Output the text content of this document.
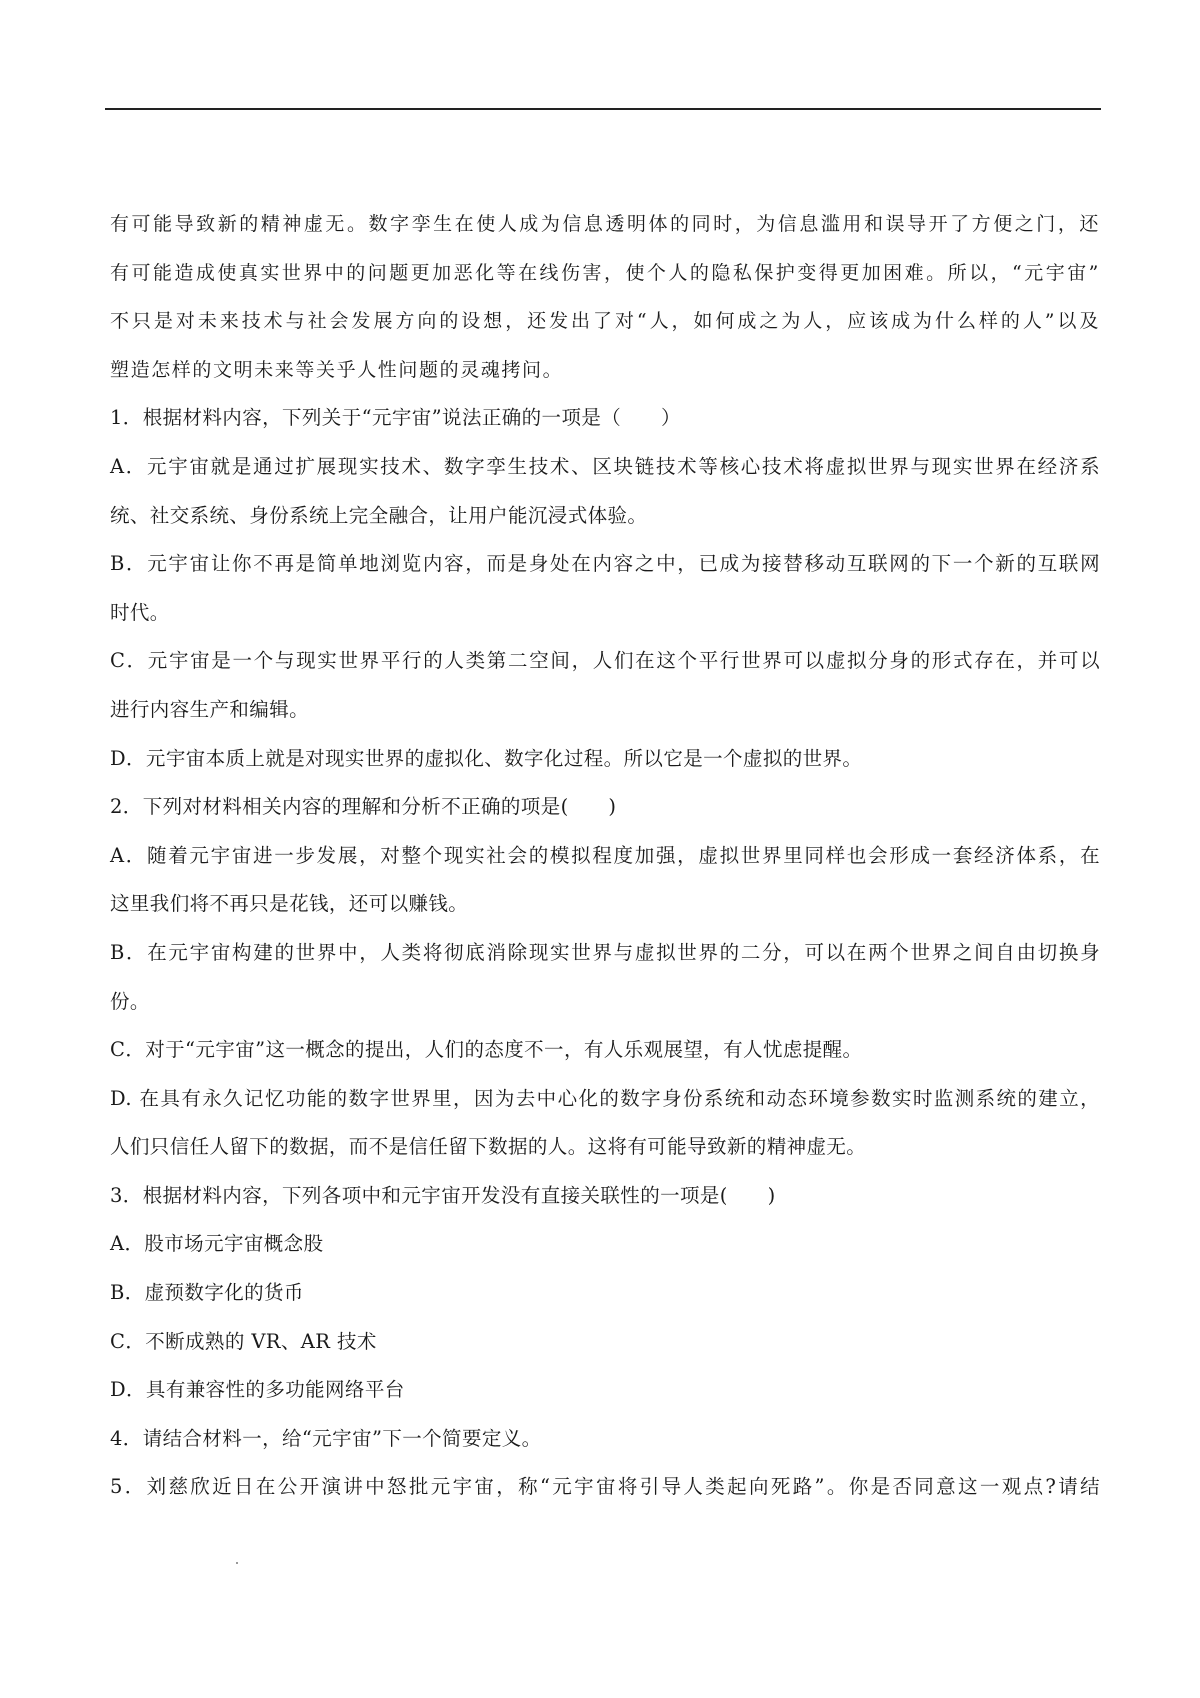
有可能导致新的精神虚无。数字孪生在使人成为信息透明体的同时，为信息滥用和误导开了方便之门，还
有可能造成使真实世界中的问题更加恶化等在线伤害，使个人的隐私保护变得更加困难。所以，“元宇宙”
不只是对未来技术与社会发展方向的设想，还发出了对“人，如何成之为人，应该成为什么样的人”以及
塑造怎样的文明未来等关乎人性问题的灵魂拷问。
1．根据材料内容，下列关于“元宇宙”说法正确的一项是（　　）
A．元宇宙就是通过扩展现实技术、数字孪生技术、区块链技术等核心技术将虚拟世界与现实世界在经济系
统、社交系统、身份系统上完全融合，让用户能沉浸式体验。
B．元宇宙让你不再是简单地浏览内容，而是身处在内容之中，已成为接替移动互联网的下一个新的互联网
时代。
C．元宇宙是一个与现实世界平行的人类第二空间，人们在这个平行世界可以虚拟分身的形式存在，并可以
进行内容生产和编辑。
D．元宇宙本质上就是对现实世界的虚拟化、数字化过程。所以它是一个虚拟的世界。
2．下列对材料相关内容的理解和分析不正确的项是(　　)
A．随着元宇宙进一步发展，对整个现实社会的模拟程度加强，虚拟世界里同样也会形成一套经济体系，在
这里我们将不再只是花钱，还可以赚钱。
B．在元宇宙构建的世界中，人类将彻底消除现实世界与虚拟世界的二分，可以在两个世界之间自由切换身
份。
C．对于“元宇宙”这一概念的提出，人们的态度不一，有人乐观展望，有人忧虑提醒。
D. 在具有永久记忆功能的数字世界里，因为去中心化的数字身份系统和动态环境参数实时监测系统的建立，
人们只信任人留下的数据，而不是信任留下数据的人。这将有可能导致新的精神虚无。
3．根据材料内容，下列各项中和元宇宙开发没有直接关联性的一项是(　　)
A．股市场元宇宙概念股
B．虚预数字化的货币
C．不断成熟的 VR、AR 技术
D．具有兼容性的多功能网络平台
4．请结合材料一，给“元宇宙”下一个简要定义。
5．刘慈欣近日在公开演讲中怒批元宇宙，称“元宇宙将引导人类起向死路”。你是否同意这一观点?请结
